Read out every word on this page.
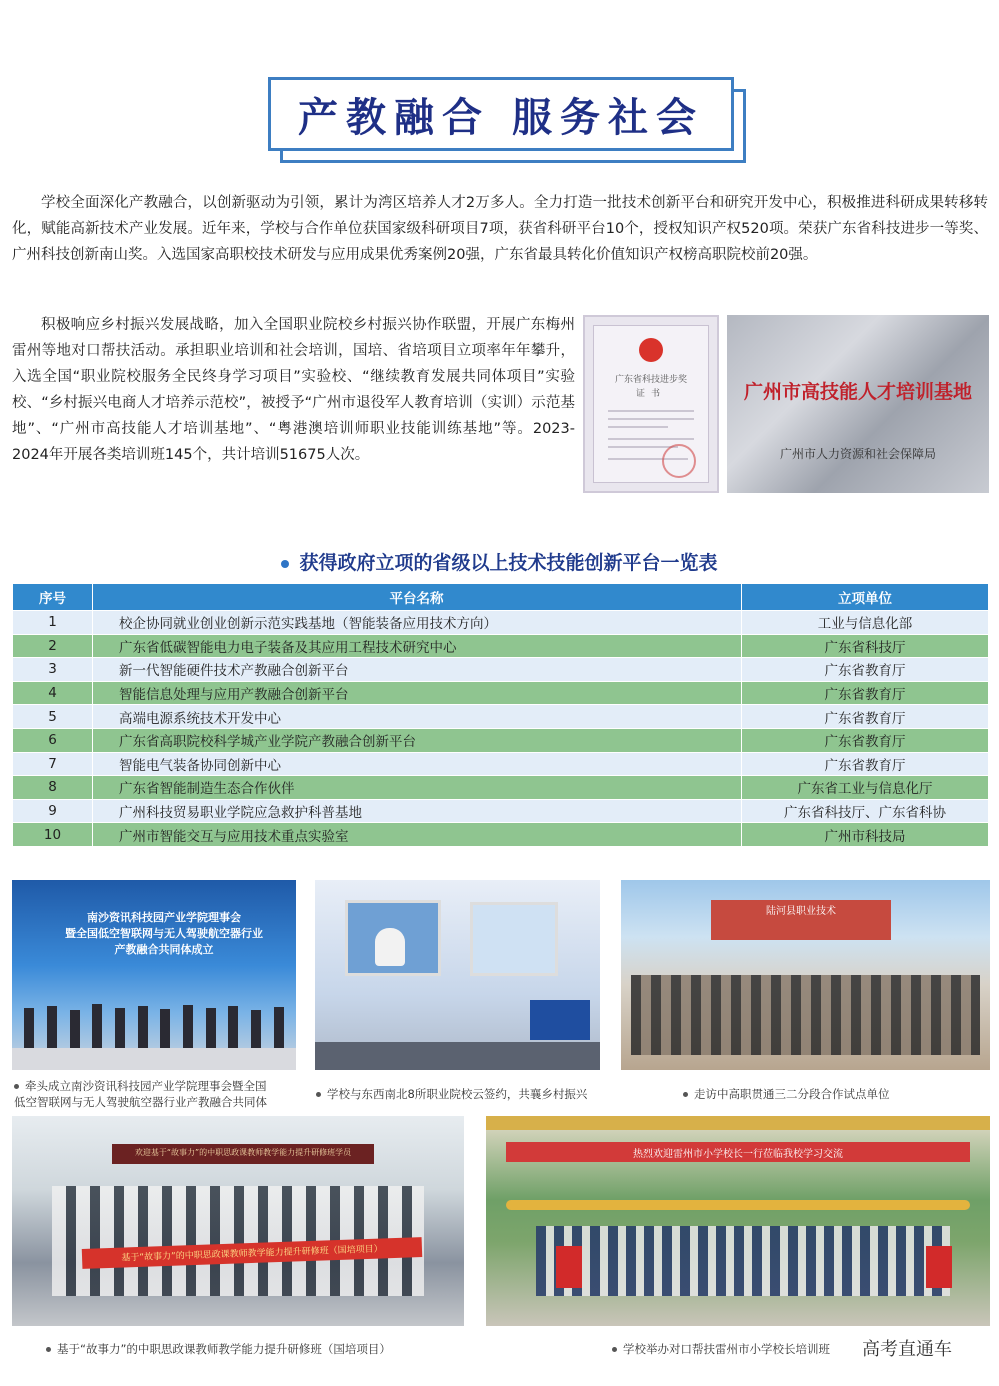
产教融合 服务社会
学校全面深化产教融合，以创新驱动为引领，累计为湾区培养人才2万多人。全力打造一批技术创新平台和研究开发中心，积极推进科研成果转移转化，赋能高新技术产业发展。近年来，学校与合作单位获国家级科研项目7项，获省科研平台10个，授权知识产权520项。荣获广东省科技进步一等奖、广州科技创新南山奖。入选国家高职校技术研发与应用成果优秀案例20强，广东省最具转化价值知识产权榜高职院校前20强。
积极响应乡村振兴发展战略，加入全国职业院校乡村振兴协作联盟，开展广东梅州雷州等地对口帮扶活动。承担职业培训和社会培训，国培、省培项目立项率年年攀升，入选全国“职业院校服务全民终身学习项目”实验校、“继续教育发展共同体项目”实验校、“乡村振兴电商人才培养示范校”，被授予“广州市退役军人教育培训（实训）示范基地”、“广州市高技能人才培训基地”、“粤港澳培训师职业技能训练基地”等。2023-2024年开展各类培训班145个，共计培训51675人次。
广东省科技进步奖
证书	广州市高技能人才培训基地
广州市人力资源和社会保障局
获得政府立项的省级以上技术技能创新平台一览表
序号	平台名称	立项单位
1	校企协同就业创业创新示范实践基地（智能装备应用技术方向）	工业与信息化部
2	广东省低碳智能电力电子装备及其应用工程技术研究中心	广东省科技厅
3	新一代智能硬件技术产教融合创新平台	广东省教育厅
4	智能信息处理与应用产教融合创新平台	广东省教育厅
5	高端电源系统技术开发中心	广东省教育厅
6	广东省高职院校科学城产业学院产教融合创新平台	广东省教育厅
7	智能电气装备协同创新中心	广东省教育厅
8	广东省智能制造生态合作伙伴	广东省工业与信息化厅
9	广州科技贸易职业学院应急救护科普基地	广东省科技厅、广东省科协
10	广州市智能交互与应用技术重点实验室	广州市科技局
南沙资讯科技园产业学院理事会
暨全国低空智联网与无人驾驶航空器行业
产教融合共同体成立
牵头成立南沙资讯科技园产业学院理事会暨全国
低空智联网与无人驾驶航空器行业产教融合共同体
学校与东西南北8所职业院校云签约，共襄乡村振兴
陆河县职业技术
走访中高职贯通三二分段合作试点单位
欢迎基于“故事力”的中职思政课教师教学能力提升研修班学员
基于“故事力”的中职思政课教师教学能力提升研修班（国培项目）
基于“故事力”的中职思政课教师教学能力提升研修班（国培项目）
热烈欢迎雷州市小学校长一行莅临我校学习交流
学校举办对口帮扶雷州市小学校长培训班	高考直通车
